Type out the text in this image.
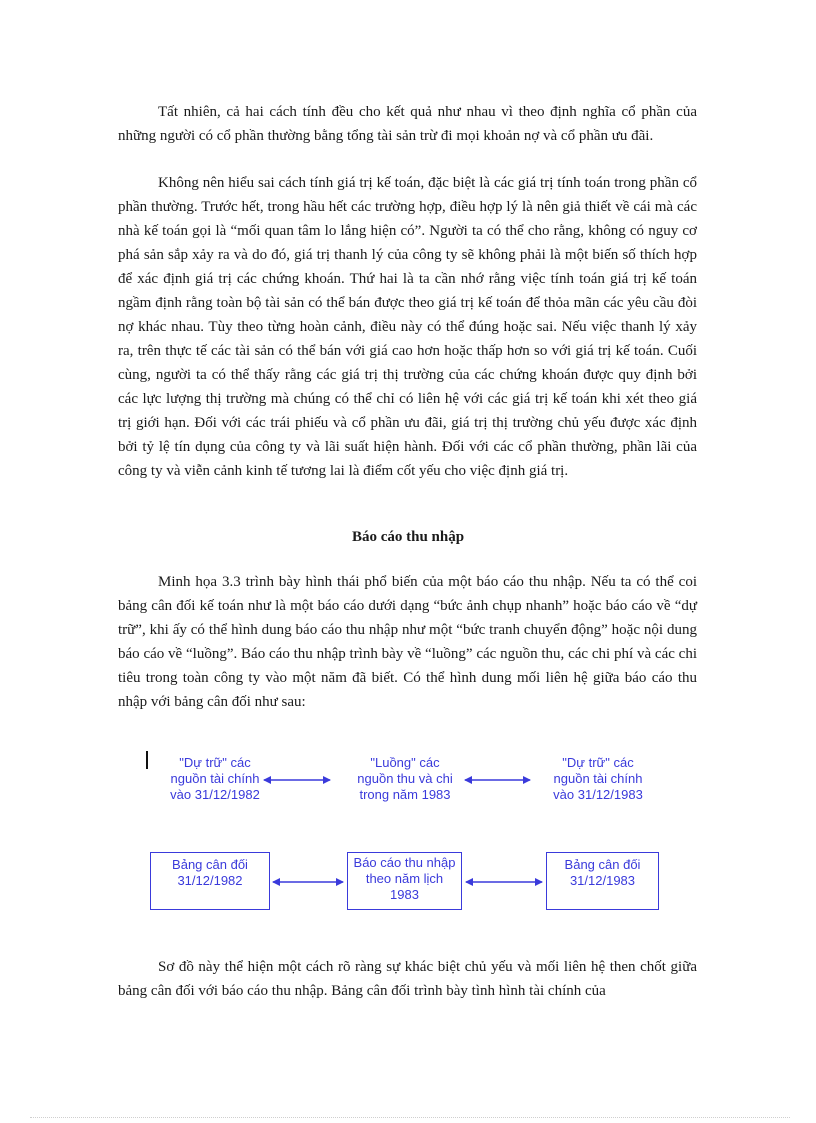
Tất nhiên, cả hai cách tính đều cho kết quả như nhau vì theo định nghĩa cổ phần của những người có cổ phần thường bằng tổng tài sản trừ đi mọi khoản nợ và cổ phần ưu đãi.

Không nên hiểu sai cách tính giá trị kế toán, đặc biệt là các giá trị tính toán trong phần cổ phần thường. Trước hết, trong hầu hết các trường hợp, điều hợp lý là nên giả thiết về cái mà các nhà kế toán gọi là “mối quan tâm lo lắng hiện có”. Người ta có thể cho rằng, không có nguy cơ phá sản sắp xảy ra và do đó, giá trị thanh lý của công ty sẽ không phải là một biến số thích hợp để xác định giá trị các chứng khoán. Thứ hai là ta cần nhớ rằng việc tính toán giá trị kế toán ngầm định rằng toàn bộ tài sản có thể bán được theo giá trị kế toán để thỏa mãn các yêu cầu đòi nợ khác nhau. Tùy theo từng hoàn cảnh, điều này có thể đúng hoặc sai. Nếu việc thanh lý xảy ra, trên thực tế các tài sản có thể bán với giá cao hơn hoặc thấp hơn so với giá trị kế toán. Cuối cùng, người ta có thể thấy rằng các giá trị thị trường của các chứng khoán được quy định bởi các lực lượng thị trường mà chúng có thể chỉ có liên hệ với các giá trị kế toán khi xét theo giá trị giới hạn. Đối với các trái phiếu và cổ phần ưu đãi, giá trị thị trường chủ yếu được xác định bởi tỷ lệ tín dụng của công ty và lãi suất hiện hành. Đối với các cổ phần thường, phần lãi của công ty và viễn cảnh kinh tế tương lai là điểm cốt yếu cho việc định giá trị.

Báo cáo thu nhập

Minh họa 3.3 trình bày hình thái phổ biến của một báo cáo thu nhập. Nếu ta có thể coi bảng cân đối kế toán như là một báo cáo dưới dạng “bức ảnh chụp nhanh” hoặc báo cáo về “dự trữ”, khi ấy có thể hình dung báo cáo thu nhập như một “bức tranh chuyển động” hoặc nội dung báo cáo về “luồng”. Báo cáo thu nhập trình bày về “luồng” các nguồn thu, các chi phí và các chi tiêu trong toàn công ty vào một năm đã biết. Có thể hình dung mối liên hệ giữa báo cáo thu nhập với bảng cân đối như sau:

"Dự trữ" các
nguồn tài chính
vào 31/12/1982
"Luồng" các
nguồn thu và chi
trong năm 1983
"Dự trữ" các
nguồn tài chính
vào 31/12/1983
Bảng cân đối
31/12/1982
Báo cáo thu nhập
theo năm lịch
1983
Bảng cân đối
31/12/1983

Sơ đồ này thể hiện một cách rõ ràng sự khác biệt chủ yếu và mối liên hệ then chốt giữa bảng cân đối với báo cáo thu nhập. Bảng cân đối trình bày tình hình tài chính của
